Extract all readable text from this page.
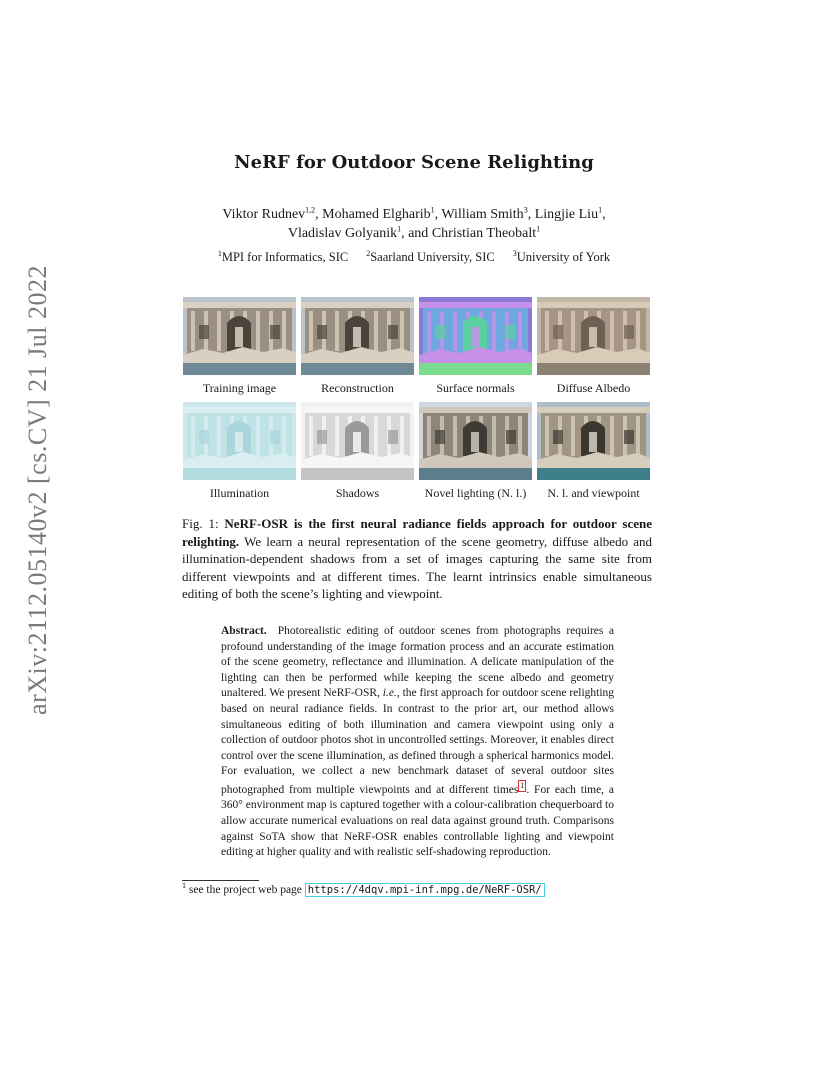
arXiv:2112.05140v2 [cs.CV] 21 Jul 2022
NeRF for Outdoor Scene Relighting
Viktor Rudnev$^{1,2}$, Mohamed Elgharib$^1$, William Smith$^3$, Lingjie Liu$^1$,
Vladislav Golyanik$^1$, and Christian Theobalt$^1$
$^1$MPI for Informatics, SIC $^2$Saarland University, SIC $^3$University of York
Training image	Reconstruction	Surface normals	Diffuse Albedo
Illumination	Shadows	Novel lighting (N. l.)	N. l. and viewpoint
Fig. 1: NeRF-OSR is the first neural radiance fields approach for outdoor scene relighting. We learn a neural representation of the scene geometry, diffuse albedo and illumination-dependent shadows from a set of images capturing the same site from different viewpoints and at different times. The learnt intrinsics enable simultaneous editing of both the scene’s lighting and viewpoint.
Abstract. Photorealistic editing of outdoor scenes from photographs requires a profound understanding of the image formation process and an accurate estimation of the scene geometry, reflectance and illumination. A delicate manipulation of the lighting can then be performed while keeping the scene albedo and geometry unaltered. We present NeRF-OSR, i.e., the first approach for outdoor scene relighting based on neural radiance fields. In contrast to the prior art, our method allows simultaneous editing of both illumination and camera viewpoint using only a collection of outdoor photos shot in uncontrolled settings. Moreover, it enables direct control over the scene illumination, as defined through a spherical harmonics model. For evaluation, we collect a new benchmark dataset of several outdoor sites photographed from multiple viewpoints and at different times 1 . For each time, a 360° environment map is captured together with a colour-calibration chequerboard to allow accurate numerical evaluations on real data against ground truth. Comparisons against SoTA show that NeRF-OSR enables controllable lighting and viewpoint editing at higher quality and with realistic self-shadowing reproduction.
$^1$ see the project web page https://4dqv.mpi-inf.mpg.de/NeRF-OSR/
